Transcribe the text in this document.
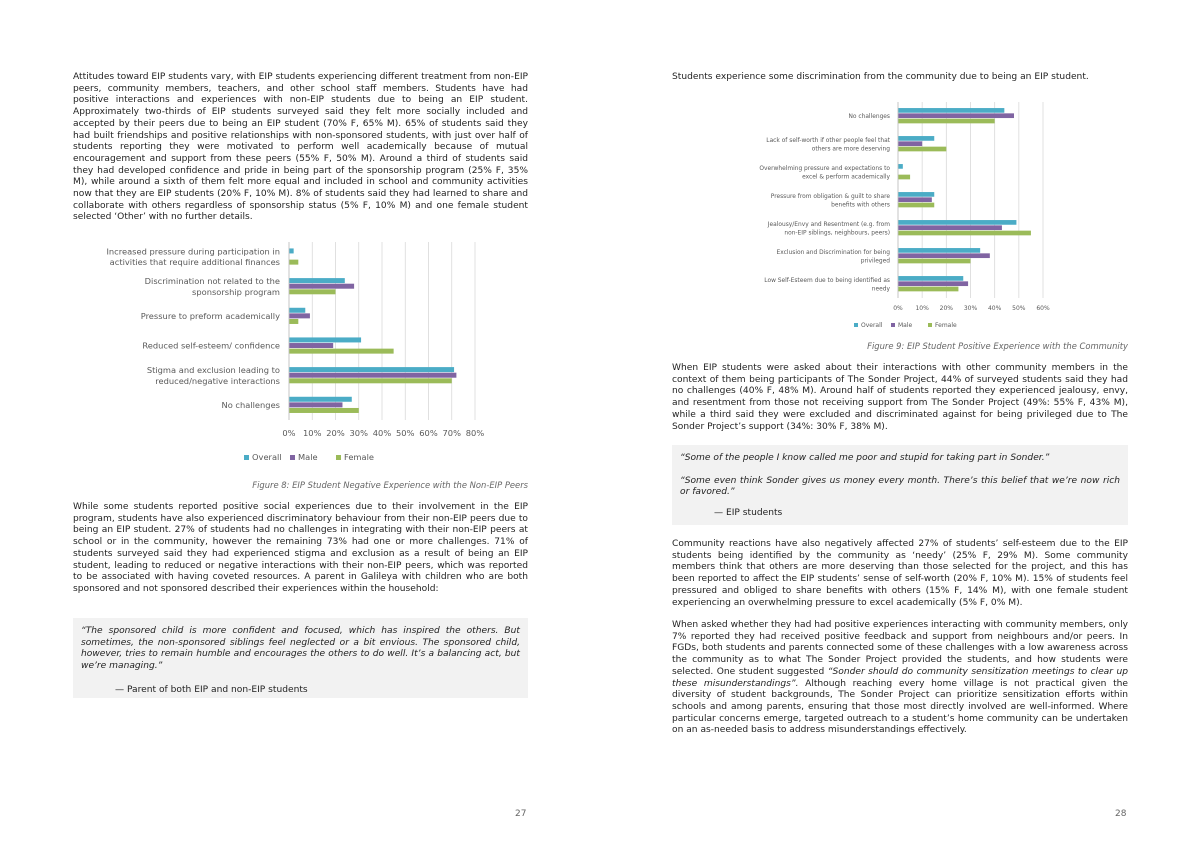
Attitudes toward EIP students vary, with EIP students experiencing different treatment from non-EIP peers, community members, teachers, and other school staff members. Students have had positive interactions and experiences with non-EIP students due to being an EIP student. Approximately two-thirds of EIP students surveyed said they felt more socially included and accepted by their peers due to being an EIP student (70% F, 65% M). 65% of students said they had built friendships and positive relationships with non-sponsored students, with just over half of students reporting they were motivated to perform well academically because of mutual encouragement and support from these peers (55% F, 50% M). Around a third of students said they had developed confidence and pride in being part of the sponsorship program (25% F, 35% M), while around a sixth of them felt more equal and included in school and community activities now that they are EIP students (20% F, 10% M). 8% of students said they had learned to share and collaborate with others regardless of sponsorship status (5% F, 10% M) and one female student selected ‘Other’ with no further details.

0% 10% 20% 30% 40% 50% 60% 70% 80%
Increased pressure during participation in
activities that require additional finances
Discrimination not related to the
sponsorship program
Pressure to preform academically
Reduced self-esteem/ confidence
Stigma and exclusion leading to
reduced/negative interactions
No challenges
Overall Male	Female
Figure 8: EIP Student Negative Experience with the Non-EIP Peers

While some students reported positive social experiences due to their involvement in the EIP program, students have also experienced discriminatory behaviour from their non-EIP peers due to being an EIP student. 27% of students had no challenges in integrating with their non-EIP peers at school or in the community, however the remaining 73% had one or more challenges. 71% of students surveyed said they had experienced stigma and exclusion as a result of being an EIP student, leading to reduced or negative interactions with their non-EIP peers, which was reported to be associated with having coveted resources. A parent in Galileya with children who are both sponsored and not sponsored described their experiences within the household:

“The sponsored child is more confident and focused, which has inspired the others. But sometimes, the non-sponsored siblings feel neglected or a bit envious. The sponsored child, however, tries to remain humble and encourages the others to do well. It’s a balancing act, but we’re managing.”

— Parent of both EIP and non-EIP students
27

Students experience some discrimination from the community due to being an EIP student.

0% 10% 20% 30% 40% 50% 60%
No challenges
Lack of self-worth if other people feel that
others are more deserving
Overwhelming pressure and expectations to
excel & perform academically
Pressure from obligation & guilt to share
benefits with others
Jealousy/Envy and Resentment (e.g. from
non-EIP siblings, neighbours, peers)
Exclusion and Discrimination for being
privileged
Low Self-Esteem due to being identified as
needy
Overall	Male	Female
Figure 9: EIP Student Positive Experience with the Community

When EIP students were asked about their interactions with other community members in the context of them being participants of The Sonder Project, 44% of surveyed students said they had no challenges (40% F, 48% M). Around half of students reported they experienced jealousy, envy, and resentment from those not receiving support from The Sonder Project (49%: 55% F, 43% M), while a third said they were excluded and discriminated against for being privileged due to The Sonder Project’s support (34%: 30% F, 38% M).

“Some of the people I know called me poor and stupid for taking part in Sonder.”

“Some even think Sonder gives us money every month. There’s this belief that we’re now rich or favored.”

— EIP students

Community reactions have also negatively affected 27% of students’ self-esteem due to the EIP students being identified by the community as ‘needy’ (25% F, 29% M). Some community members think that others are more deserving than those selected for the project, and this has been reported to affect the EIP students’ sense of self-worth (20% F, 10% M). 15% of students feel pressured and obliged to share benefits with others (15% F, 14% M), with one female student experiencing an overwhelming pressure to excel academically (5% F, 0% M).

When asked whether they had had positive experiences interacting with community members, only 7% reported they had received positive feedback and support from neighbours and/or peers. In FGDs, both students and parents connected some of these challenges with a low awareness across the community as to what The Sonder Project provided the students, and how students were selected. One student suggested “Sonder should do community sensitization meetings to clear up these misunderstandings”. Although reaching every home village is not practical given the diversity of student backgrounds, The Sonder Project can prioritize sensitization efforts within schools and among parents, ensuring that those most directly involved are well-informed. Where particular concerns emerge, targeted outreach to a student’s home community can be undertaken on an as-needed basis to address misunderstandings effectively.

28
